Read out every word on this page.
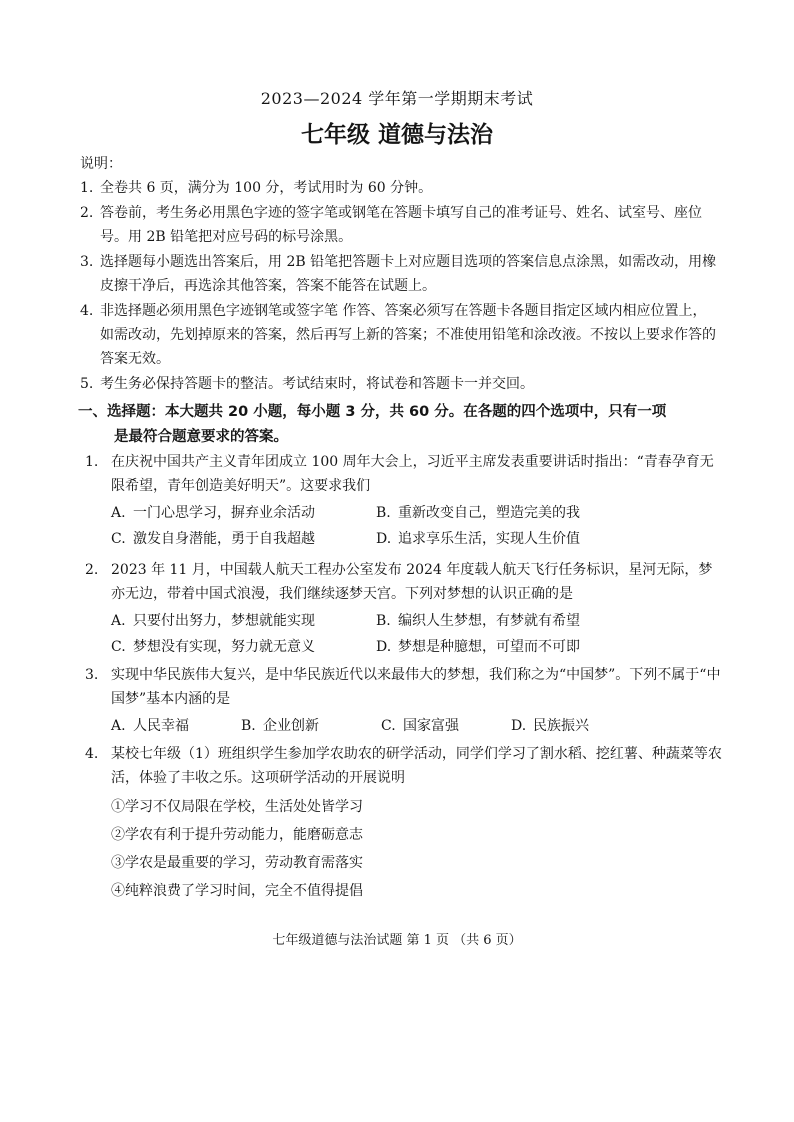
2023—2024 学年第一学期期末考试
七年级 道德与法治
说明：
1. 全卷共 6 页，满分为 100 分，考试用时为 60 分钟。
2. 答卷前，考生务必用黑色字迹的签字笔或钢笔在答题卡填写自己的准考证号、姓名、试室号、座位号。用 2B 铅笔把对应号码的标号涂黑。
3. 选择题每小题选出答案后，用 2B 铅笔把答题卡上对应题目选项的答案信息点涂黑，如需改动，用橡皮擦干净后，再选涂其他答案，答案不能答在试题上。
4. 非选择题必须用黑色字迹钢笔或签字笔 作答、答案必须写在答题卡各题目指定区域内相应位置上，如需改动，先划掉原来的答案，然后再写上新的答案；不准使用铅笔和涂改液。不按以上要求作答的答案无效。
5. 考生务必保持答题卡的整洁。考试结束时，将试卷和答题卡一并交回。
一、选择题：本大题共 20 小题，每小题 3 分，共 60 分。在各题的四个选项中，只有一项
是最符合题意要求的答案。
1. 在庆祝中国共产主义青年团成立 100 周年大会上，习近平主席发表重要讲话时指出：“青春孕育无限希望，青年创造美好明天”。这要求我们
A. 一门心思学习，摒弃业余活动	B. 重新改变自己，塑造完美的我
C. 激发自身潜能，勇于自我超越	D. 追求享乐生活，实现人生价值
2. 2023 年 11 月，中国载人航天工程办公室发布 2024 年度载人航天飞行任务标识，星河无际，梦亦无边，带着中国式浪漫，我们继续逐梦天宫。下列对梦想的认识正确的是
A. 只要付出努力，梦想就能实现	B. 编织人生梦想，有梦就有希望
C. 梦想没有实现，努力就无意义	D. 梦想是种臆想，可望而不可即
3. 实现中华民族伟大复兴，是中华民族近代以来最伟大的梦想，我们称之为“中国梦”。下列不属于“中国梦”基本内涵的是
A. 人民幸福	B. 企业创新	C. 国家富强	D. 民族振兴
4. 某校七年级（1）班组织学生参加学农助农的研学活动，同学们学习了割水稻、挖红薯、种蔬菜等农活，体验了丰收之乐。这项研学活动的开展说明
①学习不仅局限在学校，生活处处皆学习
②学农有利于提升劳动能力，能磨砺意志
③学农是最重要的学习，劳动教育需落实
④纯粹浪费了学习时间，完全不值得提倡
七年级道德与法治试题 第 1 页 （共 6 页）
